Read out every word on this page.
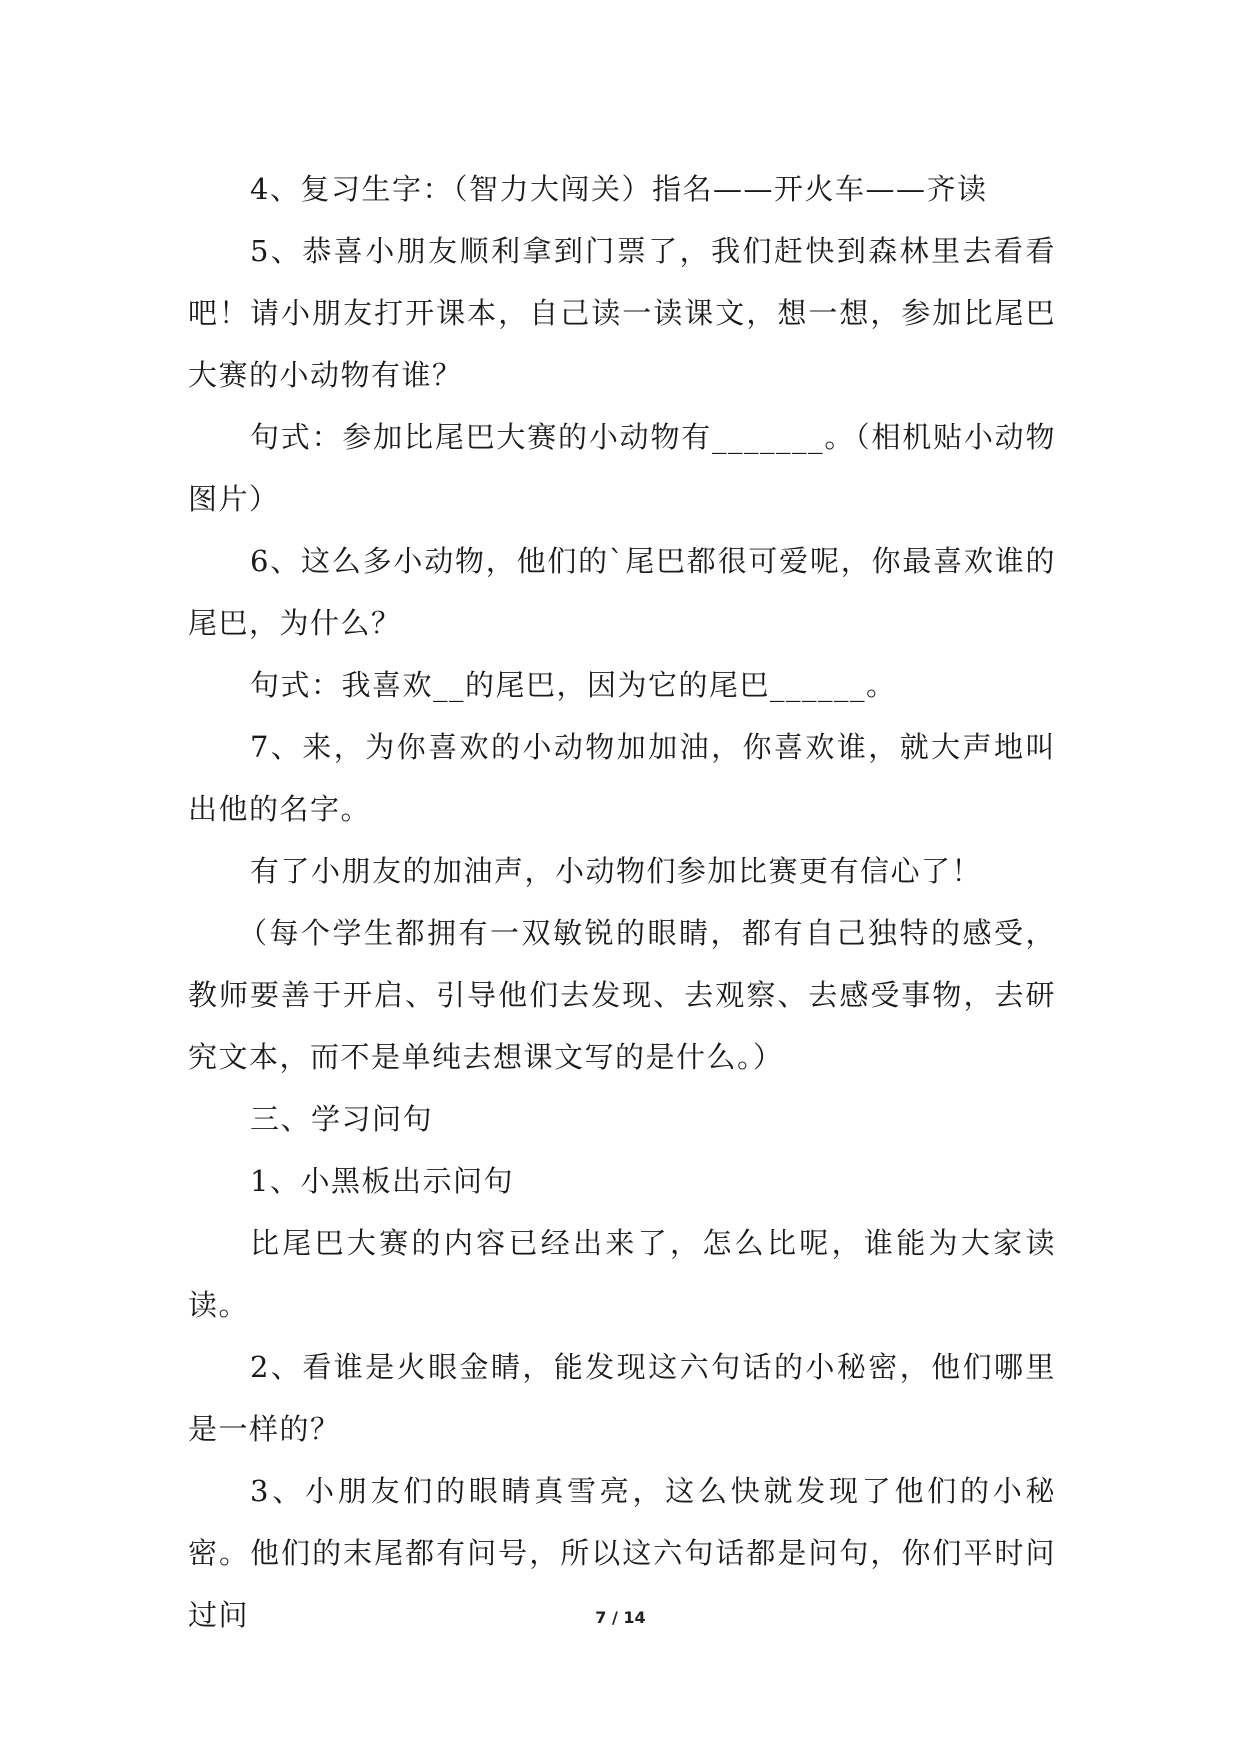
4、复习生字：（智力大闯关）指名——开火车——齐读

5、恭喜小朋友顺利拿到门票了，我们赶快到森林里去看看吧！请小朋友打开课本，自己读一读课文，想一想，参加比尾巴大赛的小动物有谁？

句式：参加比尾巴大赛的小动物有_______。（相机贴小动物图片）

6、这么多小动物，他们的`尾巴都很可爱呢，你最喜欢谁的尾巴，为什么？

句式：我喜欢__的尾巴，因为它的尾巴______。

7、来，为你喜欢的小动物加加油，你喜欢谁，就大声地叫出他的名字。

有了小朋友的加油声，小动物们参加比赛更有信心了！

（每个学生都拥有一双敏锐的眼睛，都有自己独特的感受，教师要善于开启、引导他们去发现、去观察、去感受事物，去研究文本，而不是单纯去想课文写的是什么。）

三、学习问句

1、小黑板出示问句

比尾巴大赛的内容已经出来了，怎么比呢，谁能为大家读读。

2、看谁是火眼金睛，能发现这六句话的小秘密，他们哪里是一样的？

3、小朋友们的眼睛真雪亮，这么快就发现了他们的小秘密。他们的末尾都有问号，所以这六句话都是问句，你们平时问过问	7 / 14
